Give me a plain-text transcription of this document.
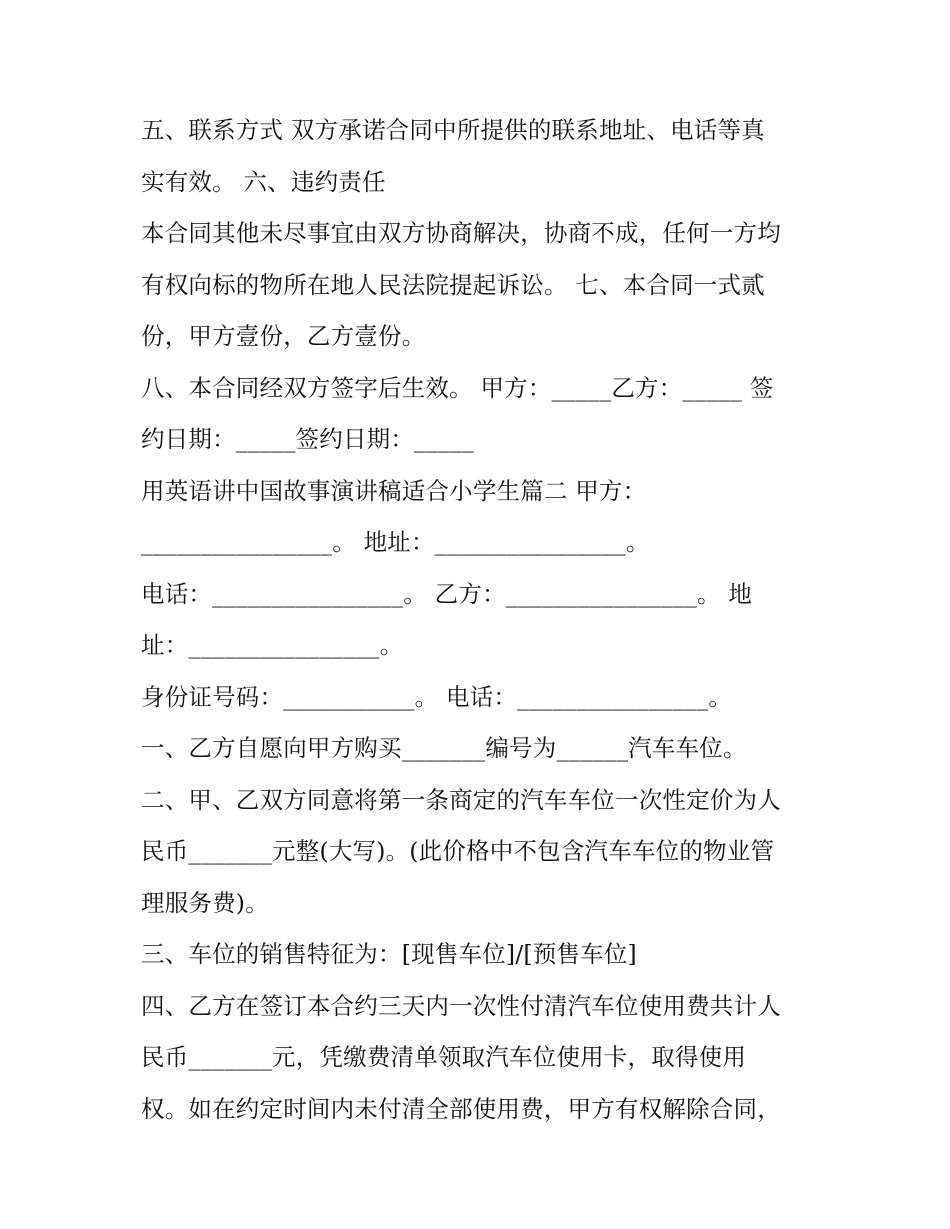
五、联系方式 双方承诺合同中所提供的联系地址、电话等真
实有效。 六、违约责任
本合同其他未尽事宜由双方协商解决，协商不成，任何一方均
有权向标的物所在地人民法院提起诉讼。 七、本合同一式贰
份，甲方壹份，乙方壹份。
八、本合同经双方签字后生效。 甲方：_____乙方：_____ 签
约日期：_____签约日期：_____
用英语讲中国故事演讲稿适合小学生篇二 甲方：
________________。 地址：________________。
电话：________________。 乙方：________________。 地
址：________________。
身份证号码：___________。 电话：________________。
一、乙方自愿向甲方购买_______编号为______汽车车位。
二、甲、乙双方同意将第一条商定的汽车车位一次性定价为人
民币_______元整(大写)。(此价格中不包含汽车车位的物业管
理服务费)。
三、车位的销售特征为：[现售车位]/[预售车位]
四、乙方在签订本合约三天内一次性付清汽车位使用费共计人
民币_______元，凭缴费清单领取汽车位使用卡，取得使用
权。如在约定时间内未付清全部使用费，甲方有权解除合同，
